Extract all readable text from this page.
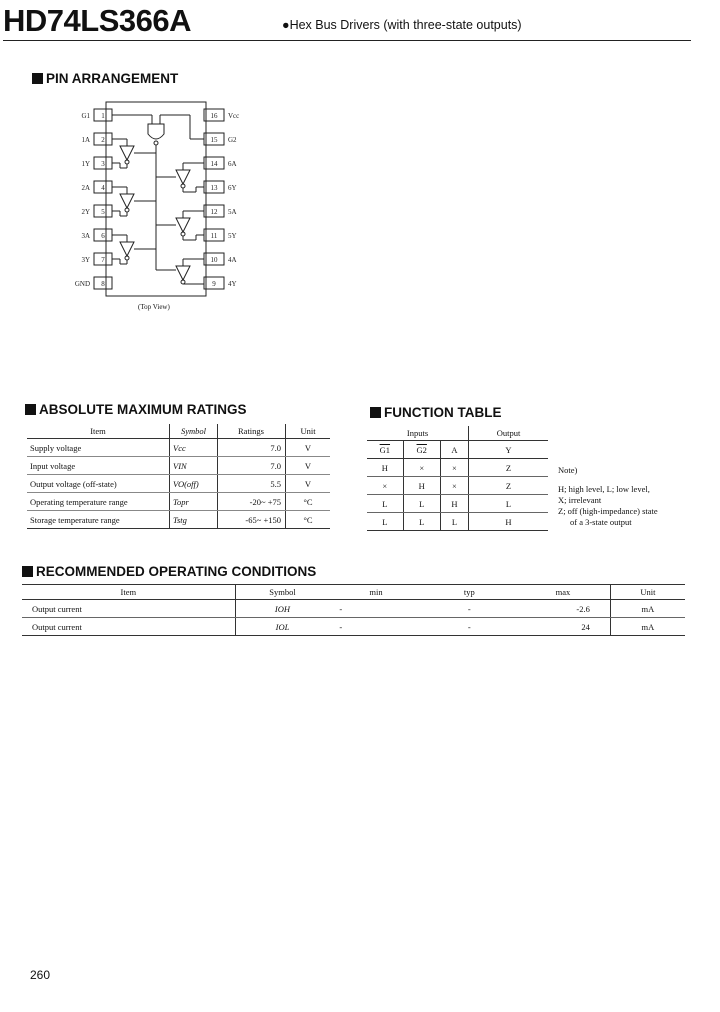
HD74LS366A	●Hex Bus Drivers (with three-state outputs)
PIN ARRANGEMENT
1
G1
2
1A
3
1Y
4
2A
5
2Y
6
3A
7
3Y
8
GND
16 Vcc
15 G2
14 6A
13 6Y
12 5A
11 5Y
10 4A
9 4Y
(Top View)
ABSOLUTE MAXIMUM RATINGS
Item	Symbol	Ratings	Unit
Supply voltage	Vcc	7.0	V
Input voltage	VIN	7.0	V
Output voltage (off-state)	VO(off)	5.5	V
Operating temperature range	Topr	-20~ +75	°C
Storage temperature range	Tstg	-65~ +150	°C
FUNCTION TABLE
Inputs			Output
G1	G2	A	Y
H	×	×	Z
×	H	×	Z
L	L	H	L
L	L	L	H
Note)
H; high level, L; low level,
X; irrelevant
Z; off (high-impedance) state
of a 3-state output
RECOMMENDED OPERATING CONDITIONS
Item	Symbol	min	typ	max	Unit
Output current	IOH	-	-	-2.6	mA
Output current	IOL	-	-	24	mA
260
